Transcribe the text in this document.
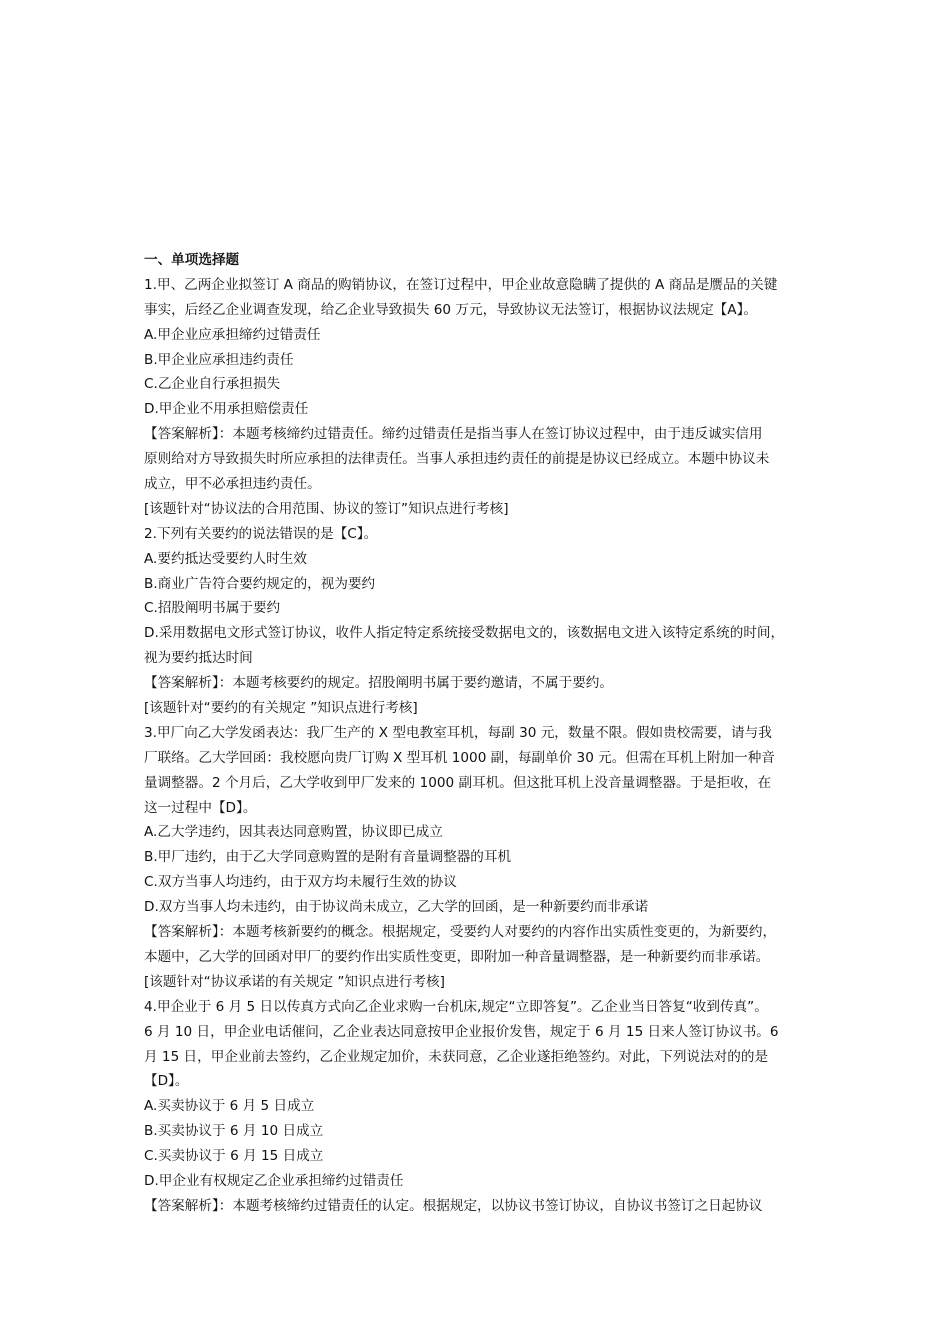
一、单项选择题
1.甲、乙两企业拟签订 A 商品的购销协议，在签订过程中，甲企业故意隐瞒了提供的 A 商品是赝品的关键
事实，后经乙企业调查发现，给乙企业导致损失 60 万元，导致协议无法签订，根据协议法规定【A】。
A.甲企业应承担缔约过错责任
B.甲企业应承担违约责任
C.乙企业自行承担损失
D.甲企业不用承担赔偿责任
【答案解析】：本题考核缔约过错责任。缔约过错责任是指当事人在签订协议过程中，由于违反诚实信用
原则给对方导致损失时所应承担的法律责任。当事人承担违约责任的前提是协议已经成立。本题中协议未
成立，甲不必承担违约责任。
[该题针对“协议法的合用范围、协议的签订”知识点进行考核]
2.下列有关要约的说法错误的是【C】。
A.要约抵达受要约人时生效
B.商业广告符合要约规定的，视为要约
C.招股阐明书属于要约
D.采用数据电文形式签订协议，收件人指定特定系统接受数据电文的，该数据电文进入该特定系统的时间，
视为要约抵达时间
【答案解析】：本题考核要约的规定。招股阐明书属于要约邀请，不属于要约。
[该题针对“要约的有关规定 ”知识点进行考核]
3.甲厂向乙大学发函表达：我厂生产的 X 型电教室耳机，每副 30 元，数量不限。假如贵校需要，请与我
厂联络。乙大学回函：我校愿向贵厂订购 X 型耳机 1000 副，每副单价 30 元。但需在耳机上附加一种音
量调整器。2 个月后，乙大学收到甲厂发来的 1000 副耳机。但这批耳机上没音量调整器。于是拒收，在
这一过程中【D】。
A.乙大学违约，因其表达同意购置，协议即已成立
B.甲厂违约，由于乙大学同意购置的是附有音量调整器的耳机
C.双方当事人均违约，由于双方均未履行生效的协议
D.双方当事人均未违约，由于协议尚未成立，乙大学的回函，是一种新要约而非承诺
【答案解析】：本题考核新要约的概念。根据规定，受要约人对要约的内容作出实质性变更的，为新要约，
本题中，乙大学的回函对甲厂的要约作出实质性变更，即附加一种音量调整器，是一种新要约而非承诺。
[该题针对“协议承诺的有关规定 ”知识点进行考核]
4.甲企业于 6 月 5 日以传真方式向乙企业求购一台机床,规定“立即答复”。乙企业当日答复“收到传真”。
6 月 10 日，甲企业电话催问，乙企业表达同意按甲企业报价发售，规定于 6 月 15 日来人签订协议书。6
月 15 日，甲企业前去签约，乙企业规定加价，未获同意，乙企业遂拒绝签约。对此，下列说法对的的是
【D】。
A.买卖协议于 6 月 5 日成立
B.买卖协议于 6 月 10 日成立
C.买卖协议于 6 月 15 日成立
D.甲企业有权规定乙企业承担缔约过错责任
【答案解析】：本题考核缔约过错责任的认定。根据规定，以协议书签订协议，自协议书签订之日起协议
